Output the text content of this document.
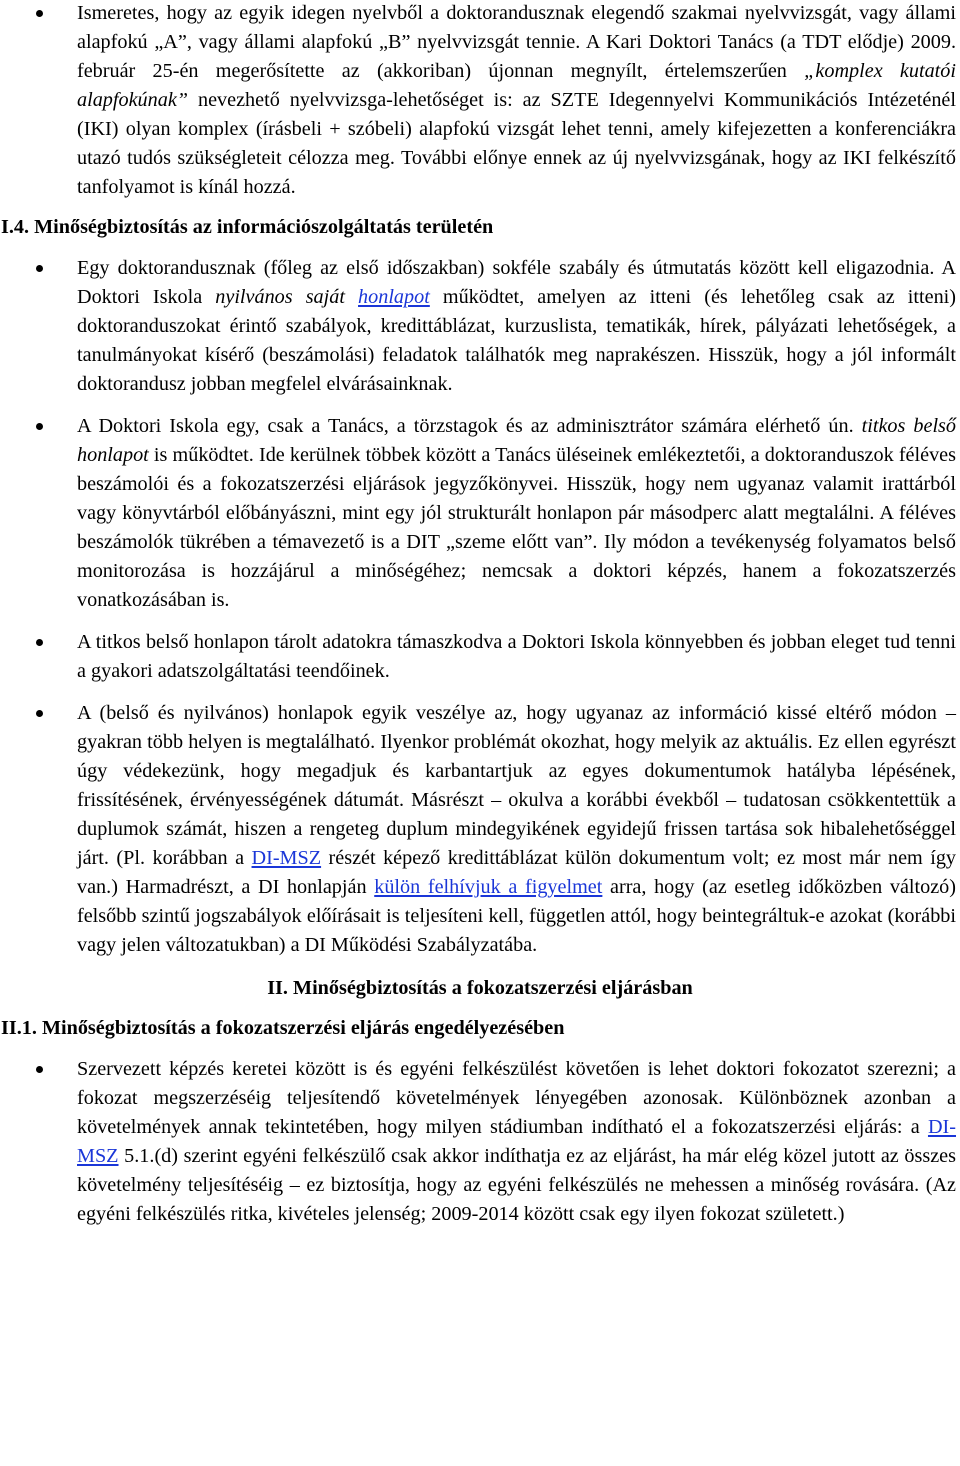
Ismeretes, hogy az egyik idegen nyelvből a doktorandusznak elegendő szakmai nyelvvizsgát, vagy állami alapfokú „A”, vagy állami alapfokú „B” nyelvvizsgát tennie. A Kari Doktori Tanács (a TDT elődje) 2009. február 25-én megerősítette az (akkoriban) újonnan megnyílt, értelemszerűen „komplex kutatói alapfokúnak” nevezhető nyelvvizsga-lehetőséget is: az SZTE Idegennyelvi Kommunikációs Intézeténél (IKI) olyan komplex (írásbeli + szóbeli) alapfokú vizsgát lehet tenni, amely kifejezetten a konferenciákra utazó tudós szükségleteit célozza meg. További előnye ennek az új nyelvvizsgának, hogy az IKI felkészítő tanfolyamot is kínál hozzá.

I.4. Minőségbiztosítás az információszolgáltatás területén

Egy doktorandusznak (főleg az első időszakban) sokféle szabály és útmutatás között kell eligazodnia. A Doktori Iskola nyilvános saját honlapot működtet, amelyen az itteni (és lehetőleg csak az itteni) doktoranduszokat érintő szabályok, kredittáblázat, kurzuslista, tematikák, hírek, pályázati lehetőségek, a tanulmányokat kísérő (beszámolási) feladatok találhatók meg naprakészen. Hisszük, hogy a jól informált doktorandusz jobban megfelel elvárásainknak.
A Doktori Iskola egy, csak a Tanács, a törzstagok és az adminisztrátor számára elérhető ún. titkos belső honlapot is működtet. Ide kerülnek többek között a Tanács üléseinek emlékeztetői, a doktoranduszok féléves beszámolói és a fokozatszerzési eljárások jegyzőkönyvei. Hisszük, hogy nem ugyanaz valamit irattárból vagy könyvtárból előbányászni, mint egy jól strukturált honlapon pár másodperc alatt megtalálni. A féléves beszámolók tükrében a témavezető is a DIT „szeme előtt van”. Ily módon a tevékenység folyamatos belső monitorozása is hozzájárul a minőségéhez; nemcsak a doktori képzés, hanem a fokozatszerzés vonatkozásában is.
A titkos belső honlapon tárolt adatokra támaszkodva a Doktori Iskola könnyebben és jobban eleget tud tenni a gyakori adatszolgáltatási teendőinek.
A (belső és nyilvános) honlapok egyik veszélye az, hogy ugyanaz az információ kissé eltérő módon – gyakran több helyen is megtalálható. Ilyenkor problémát okozhat, hogy melyik az aktuális. Ez ellen egyrészt úgy védekezünk, hogy megadjuk és karbantartjuk az egyes dokumentumok hatályba lépésének, frissítésének, érvényességének dátumát. Másrészt – okulva a korábbi évekből – tudatosan csökkentettük a duplumok számát, hiszen a rengeteg duplum mindegyikének egyidejű frissen tartása sok hibalehetőséggel járt. (Pl. korábban a DI-MSZ részét képező kredittáblázat külön dokumentum volt; ez most már nem így van.) Harmadrészt, a DI honlapján külön felhívjuk a figyelmet arra, hogy (az esetleg időközben változó) felsőbb szintű jogszabályok előírásait is teljesíteni kell, független attól, hogy beintegráltuk-e azokat (korábbi vagy jelen változatukban) a DI Működési Szabályzatába.

II. Minőségbiztosítás a fokozatszerzési eljárásban

II.1. Minőségbiztosítás a fokozatszerzési eljárás engedélyezésében

Szervezett képzés keretei között is és egyéni felkészülést követően is lehet doktori fokozatot szerezni; a fokozat megszerzéséig teljesítendő követelmények lényegében azonosak. Különböznek azonban a követelmények annak tekintetében, hogy milyen stádiumban indítható el a fokozatszerzési eljárás: a DI-MSZ 5.1.(d) szerint egyéni felkészülő csak akkor indíthatja ez az eljárást, ha már elég közel jutott az összes követelmény teljesítéséig – ez biztosítja, hogy az egyéni felkészülés ne mehessen a minőség rovására. (Az egyéni felkészülés ritka, kivételes jelenség; 2009-2014 között csak egy ilyen fokozat született.)
